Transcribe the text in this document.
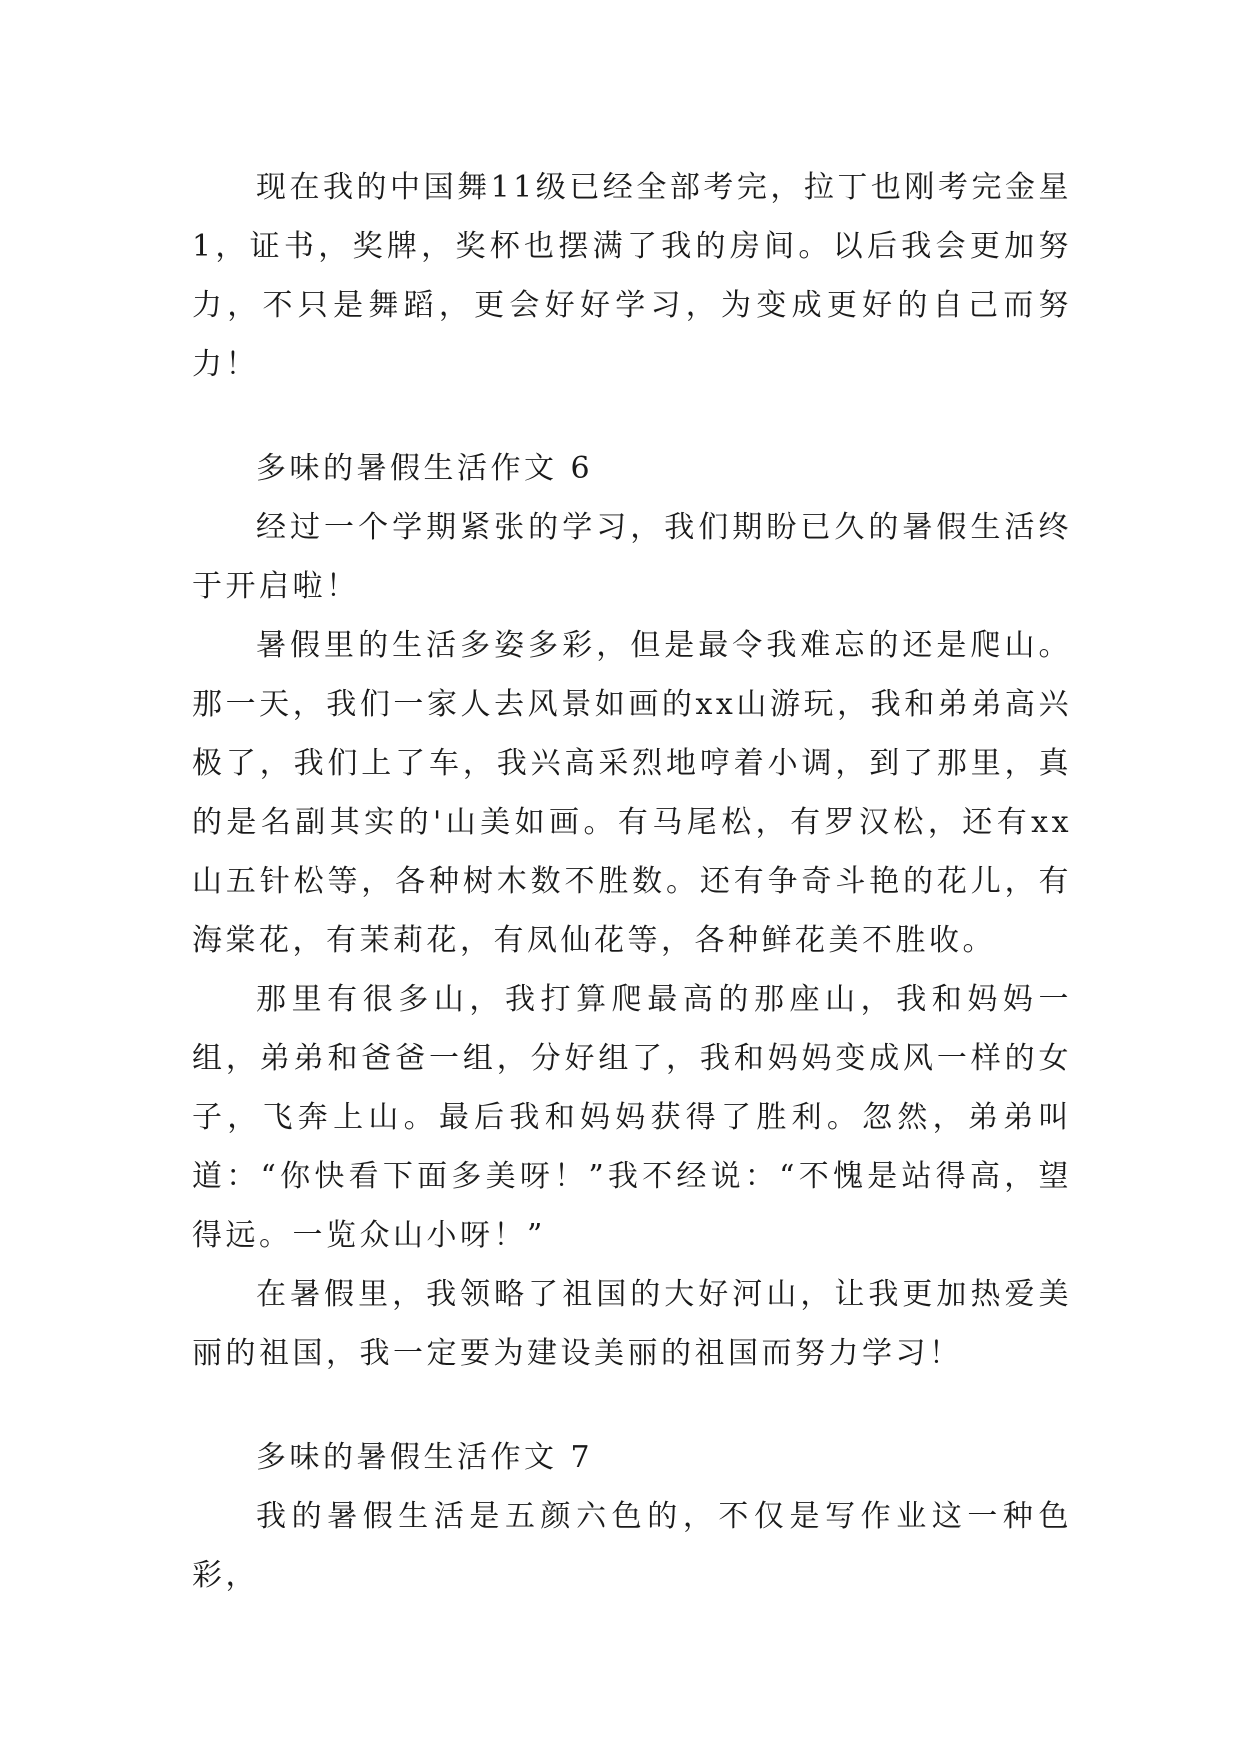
现在我的中国舞11级已经全部考完，拉丁也刚考完金星1，证书，奖牌，奖杯也摆满了我的房间。以后我会更加努力，不只是舞蹈，更会好好学习，为变成更好的自己而努力！

多味的暑假生活作文 6

经过一个学期紧张的学习，我们期盼已久的暑假生活终于开启啦！

暑假里的生活多姿多彩，但是最令我难忘的还是爬山。那一天，我们一家人去风景如画的xx山游玩，我和弟弟高兴极了，我们上了车，我兴高采烈地哼着小调，到了那里，真的是名副其实的'山美如画。有马尾松，有罗汉松，还有xx山五针松等，各种树木数不胜数。还有争奇斗艳的花儿，有海棠花，有茉莉花，有凤仙花等，各种鲜花美不胜收。

那里有很多山，我打算爬最高的那座山，我和妈妈一组，弟弟和爸爸一组，分好组了，我和妈妈变成风一样的女子，飞奔上山。最后我和妈妈获得了胜利。忽然，弟弟叫道：“你快看下面多美呀！”我不经说：“不愧是站得高，望得远。一览众山小呀！”

在暑假里，我领略了祖国的大好河山，让我更加热爱美丽的祖国，我一定要为建设美丽的祖国而努力学习！

多味的暑假生活作文 7

我的暑假生活是五颜六色的，不仅是写作业这一种色彩，
